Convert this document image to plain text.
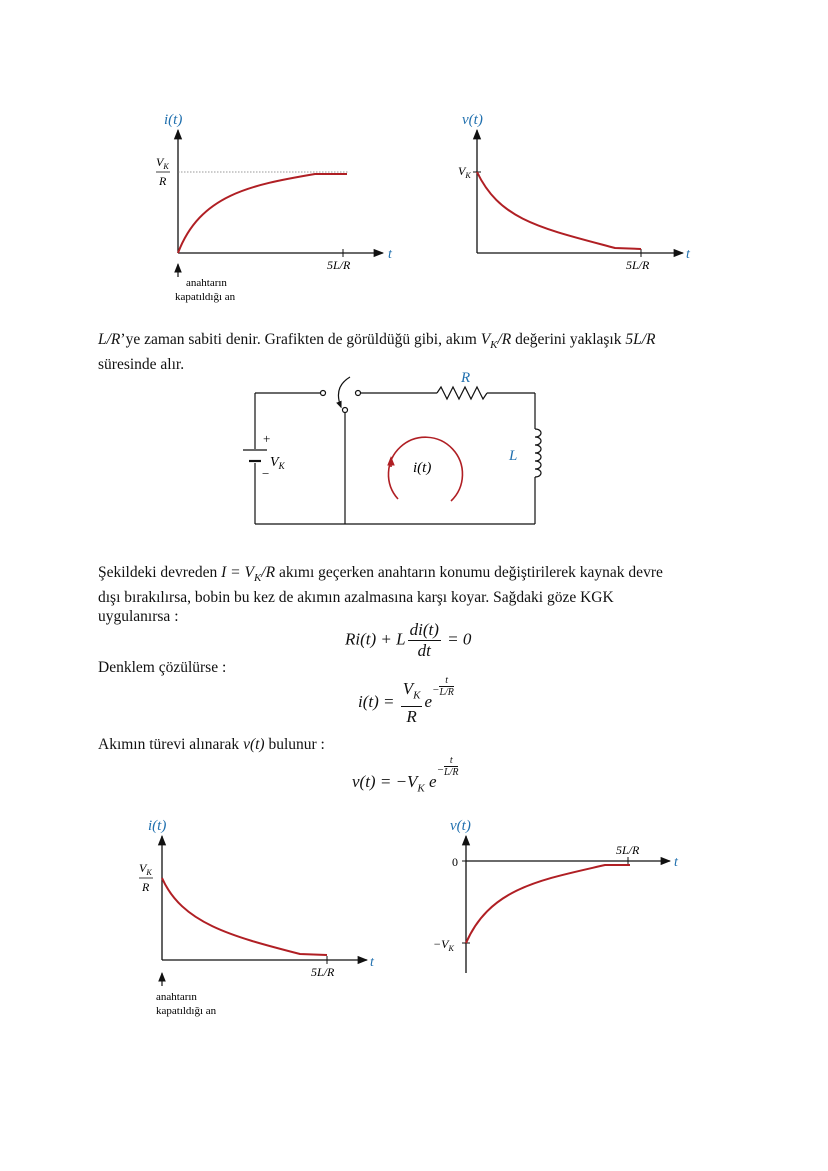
i(t)
$V_K$
R
5L/R
t
anahtarın
kapatıldığı an
v(t)
$V_K$
5L/R
t

L/R’ye zaman sabiti denir. Grafikten de görüldüğü gibi, akım $V_K/R$ değerini yaklaşık 5L/R
süresinde alır.

+
−
$V_K$
R
L
i(t)

Şekildeki devreden $I = V_K/R$ akımı geçerken anahtarın konumu değiştirilerek kaynak devre
dışı bırakılırsa, bobin bu kez de akımın azalmasına karşı koyar. Sağdaki göze KGK
uygulanırsa :

Ri(t) + L $\frac{di(t)}{dt} = 0$

Denklem çözülürse :

$i(t) = \frac{V_K}{R} e^- \frac{t}{L/R}$

Akımın türevi alınarak v(t) bulunur :

$v(t) = -V_K$ $e^- \frac{t}{L/R}$
i(t)
$V_K$
R
5L/R
t
anahtarın
kapatıldığı an
v(t)
0
$-V_K$
5L/R
t
